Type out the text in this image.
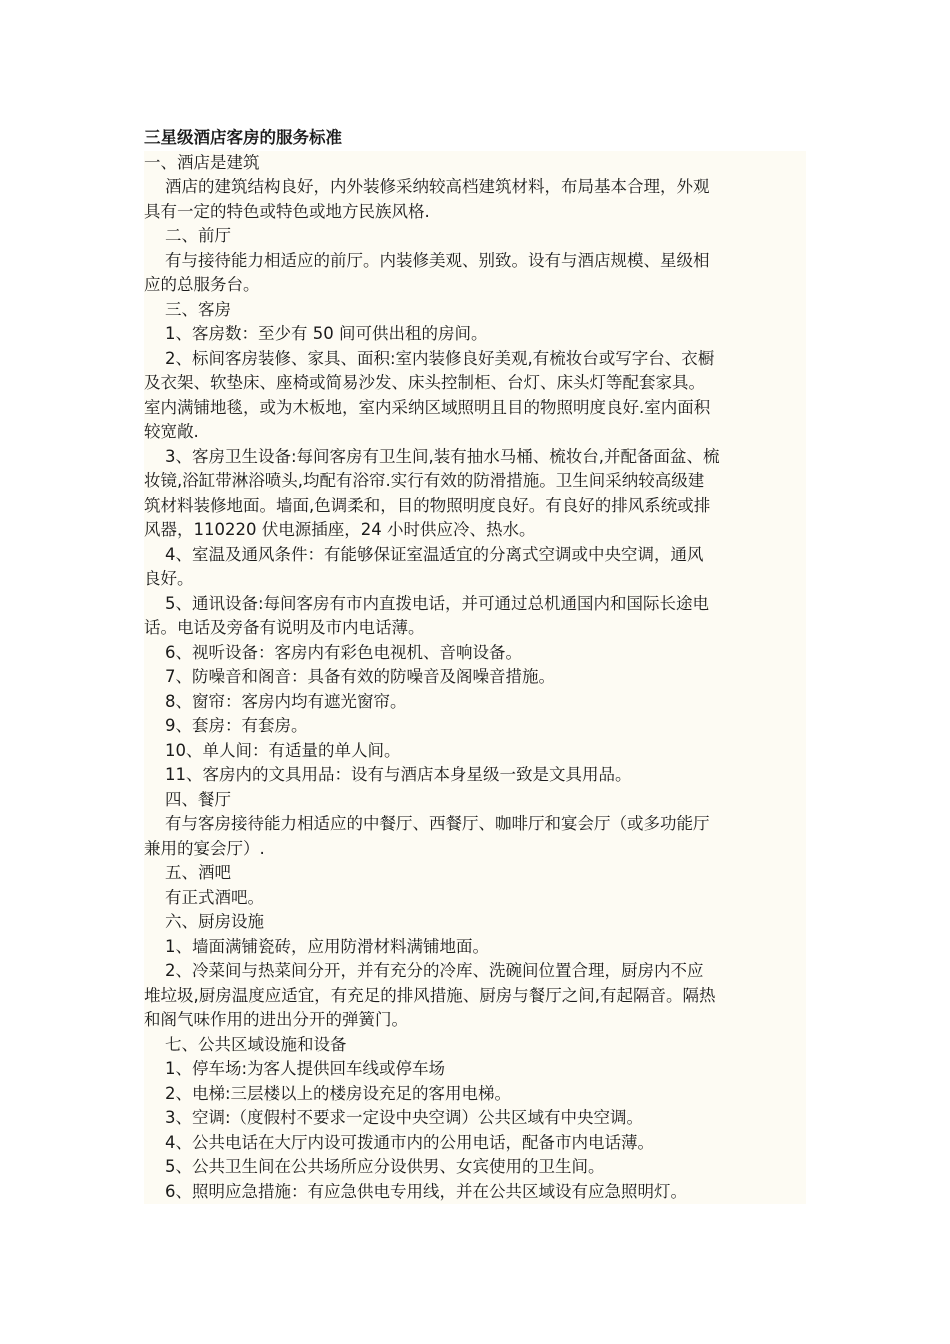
三星级酒店客房的服务标准
一、酒店是建筑
酒店的建筑结构良好，内外装修采纳较高档建筑材料，布局基本合理，外观
具有一定的特色或特色或地方民族风格.
二、前厅
有与接待能力相适应的前厅。内装修美观、别致。设有与酒店规模、星级相
应的总服务台。
三、客房
1、客房数：至少有 50 间可供出租的房间。
2、标间客房装修、家具、面积:室内装修良好美观,有梳妆台或写字台、衣橱
及衣架、软垫床、座椅或简易沙发、床头控制柜、台灯、床头灯等配套家具。
室内满铺地毯，或为木板地，室内采纳区域照明且目的物照明度良好.室内面积
较宽敞.
3、客房卫生设备:每间客房有卫生间,装有抽水马桶、梳妆台,并配备面盆、梳
妆镜,浴缸带淋浴喷头,均配有浴帘.实行有效的防滑措施。卫生间采纳较高级建
筑材料装修地面。墙面,色调柔和，目的物照明度良好。有良好的排风系统或排
风器，110220 伏电源插座，24 小时供应冷、热水。
4、室温及通风条件：有能够保证室温适宜的分离式空调或中央空调，通风
良好。
5、通讯设备:每间客房有市内直拨电话，并可通过总机通国内和国际长途电
话。电话及旁备有说明及市内电话薄。
6、视听设备：客房内有彩色电视机、音响设备。
7、防噪音和阁音：具备有效的防噪音及阁噪音措施。
8、窗帘：客房内均有遮光窗帘。
9、套房：有套房。
10、单人间：有适量的单人间。
11、客房内的文具用品：设有与酒店本身星级一致是文具用品。
四、餐厅
有与客房接待能力相适应的中餐厅、西餐厅、咖啡厅和宴会厅（或多功能厅
兼用的宴会厅）.
五、酒吧
有正式酒吧。
六、厨房设施
1、墙面满铺瓷砖，应用防滑材料满铺地面。
2、冷菜间与热菜间分开，并有充分的冷库、洗碗间位置合理，厨房内不应
堆垃圾,厨房温度应适宜，有充足的排风措施、厨房与餐厅之间,有起隔音。隔热
和阁气味作用的进出分开的弹簧门。
七、公共区域设施和设备
1、停车场:为客人提供回车线或停车场
2、电梯:三层楼以上的楼房设充足的客用电梯。
3、空调:（度假村不要求一定设中央空调）公共区域有中央空调。
4、公共电话在大厅内设可拨通市内的公用电话，配备市内电话薄。
5、公共卫生间在公共场所应分设供男、女宾使用的卫生间。
6、照明应急措施：有应急供电专用线，并在公共区域设有应急照明灯。
